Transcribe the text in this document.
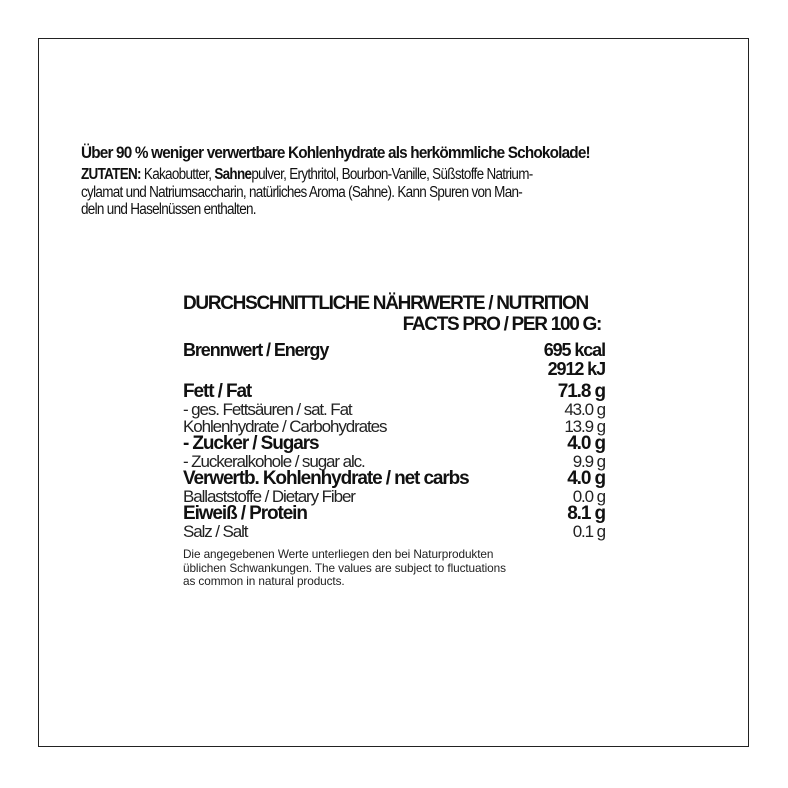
Über 90 % weniger verwertbare Kohlenhydrate als herkömmliche Schokolade!
ZUTATEN: Kakaobutter, Sahnepulver, Erythritol, Bourbon-Vanille, Süßstoffe Natrium-
cylamat und Natriumsaccharin, natürliches Aroma (Sahne). Kann Spuren von Man-
deln und Haselnüssen enthalten.
DURCHSCHNITTLICHE NÄHRWERTE / NUTRITION
FACTS PRO / PER 100 G:
Brennwert / Energy	695 kcal
2912 kJ
Fett / Fat	71.8 g
- ges. Fettsäuren / sat. Fat	43.0 g
Kohlenhydrate / Carbohydrates	13.9 g
- Zucker / Sugars	4.0 g
- Zuckeralkohole / sugar alc.	9.9 g
Verwertb. Kohlenhydrate / net carbs	4.0 g
Ballaststoffe / Dietary Fiber	0.0 g
Eiweiß / Protein	8.1 g
Salz / Salt	0.1 g
Die angegebenen Werte unterliegen den bei Naturprodukten
üblichen Schwankungen. The values are subject to fluctuations
as common in natural products.
